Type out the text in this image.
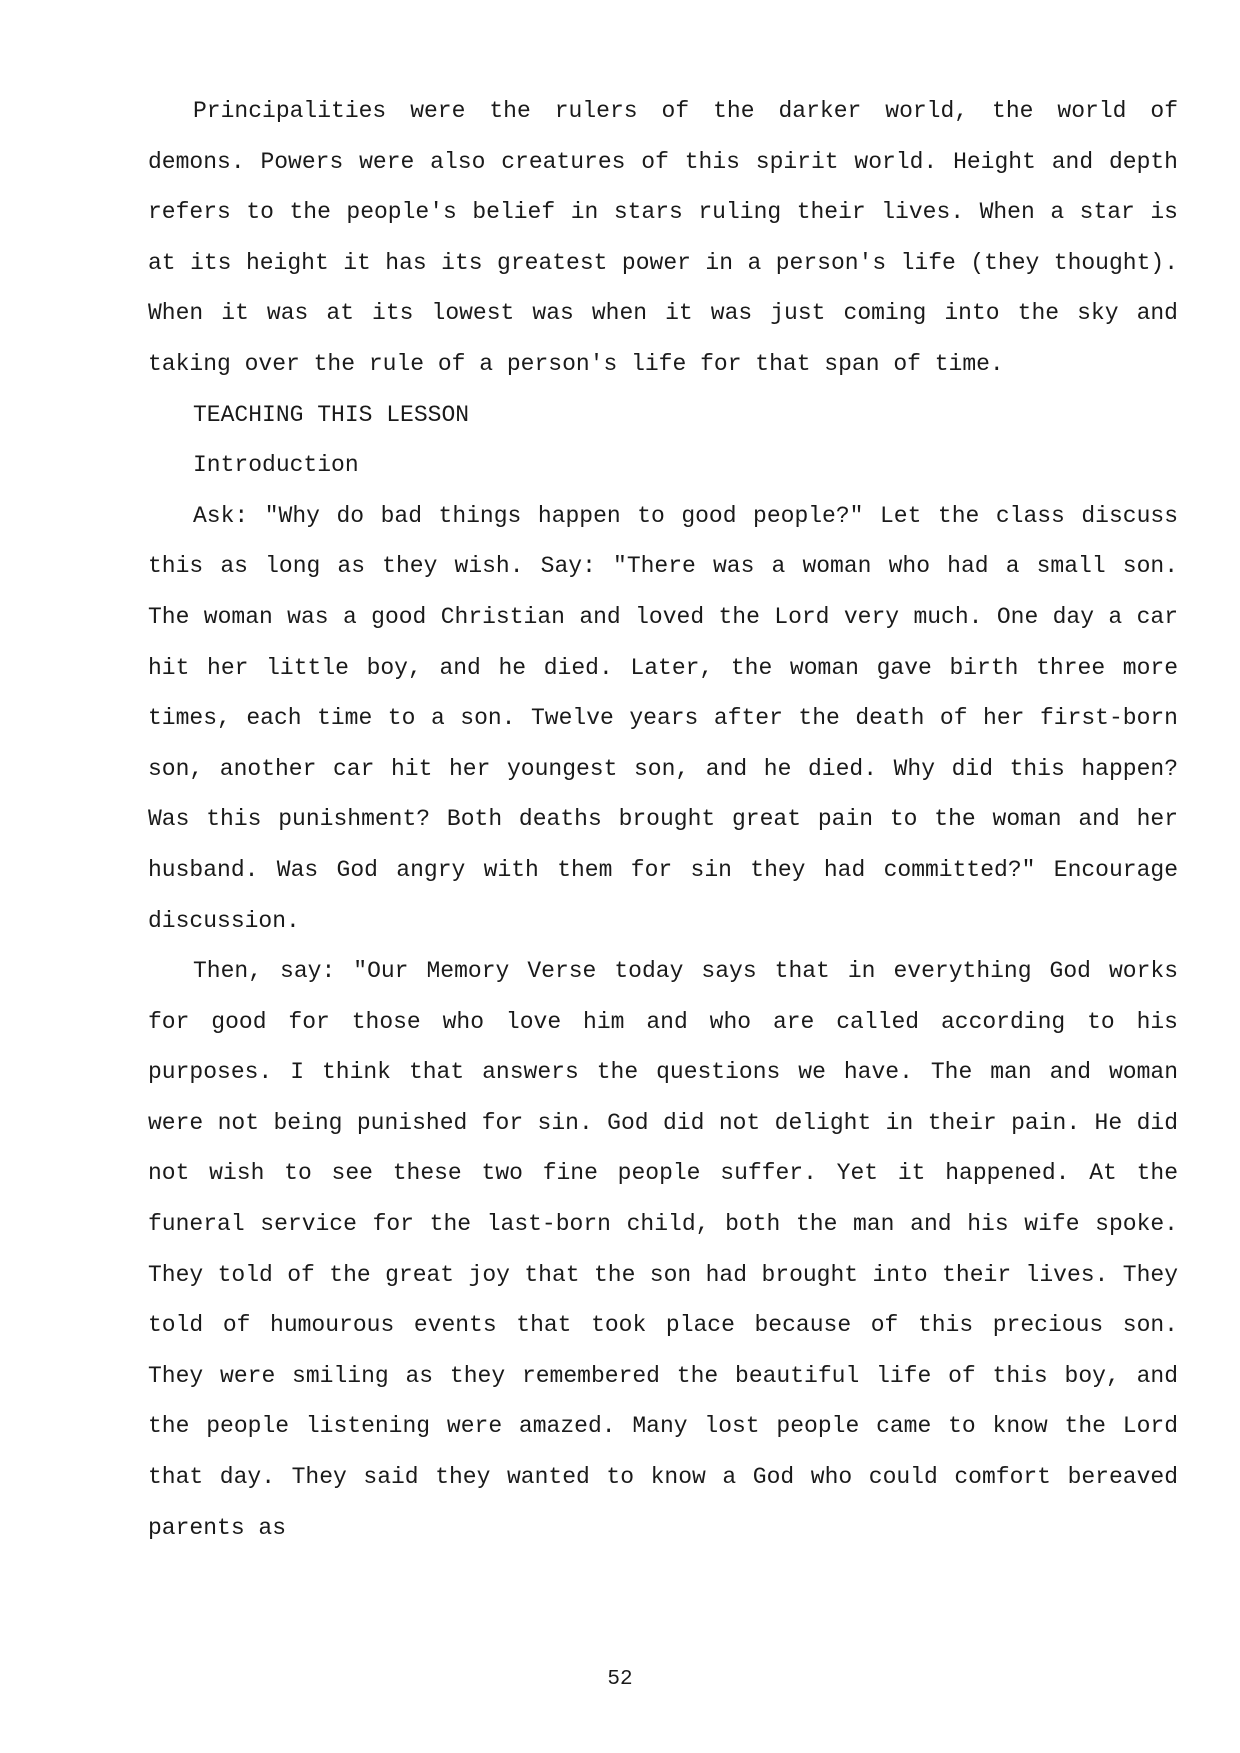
Principalities were the rulers of the darker world, the world of demons. Powers were also creatures of this spirit world. Height and depth refers to the people's belief in stars ruling their lives. When a star is at its height it has its greatest power in a person's life (they thought). When it was at its lowest was when it was just coming into the sky and taking over the rule of a person's life for that span of time.

TEACHING THIS LESSON

Introduction

Ask: "Why do bad things happen to good people?" Let the class discuss this as long as they wish. Say: "There was a woman who had a small son. The woman was a good Christian and loved the Lord very much. One day a car hit her little boy, and he died. Later, the woman gave birth three more times, each time to a son. Twelve years after the death of her first-born son, another car hit her youngest son, and he died. Why did this happen? Was this punishment? Both deaths brought great pain to the woman and her husband. Was God angry with them for sin they had committed?" Encourage discussion.

Then, say: "Our Memory Verse today says that in everything God works for good for those who love him and who are called according to his purposes. I think that answers the questions we have. The man and woman were not being punished for sin. God did not delight in their pain. He did not wish to see these two fine people suffer. Yet it happened. At the funeral service for the last-born child, both the man and his wife spoke. They told of the great joy that the son had brought into their lives. They told of humourous events that took place because of this precious son. They were smiling as they remembered the beautiful life of this boy, and the people listening were amazed. Many lost people came to know the Lord that day. They said they wanted to know a God who could comfort bereaved parents as

52
